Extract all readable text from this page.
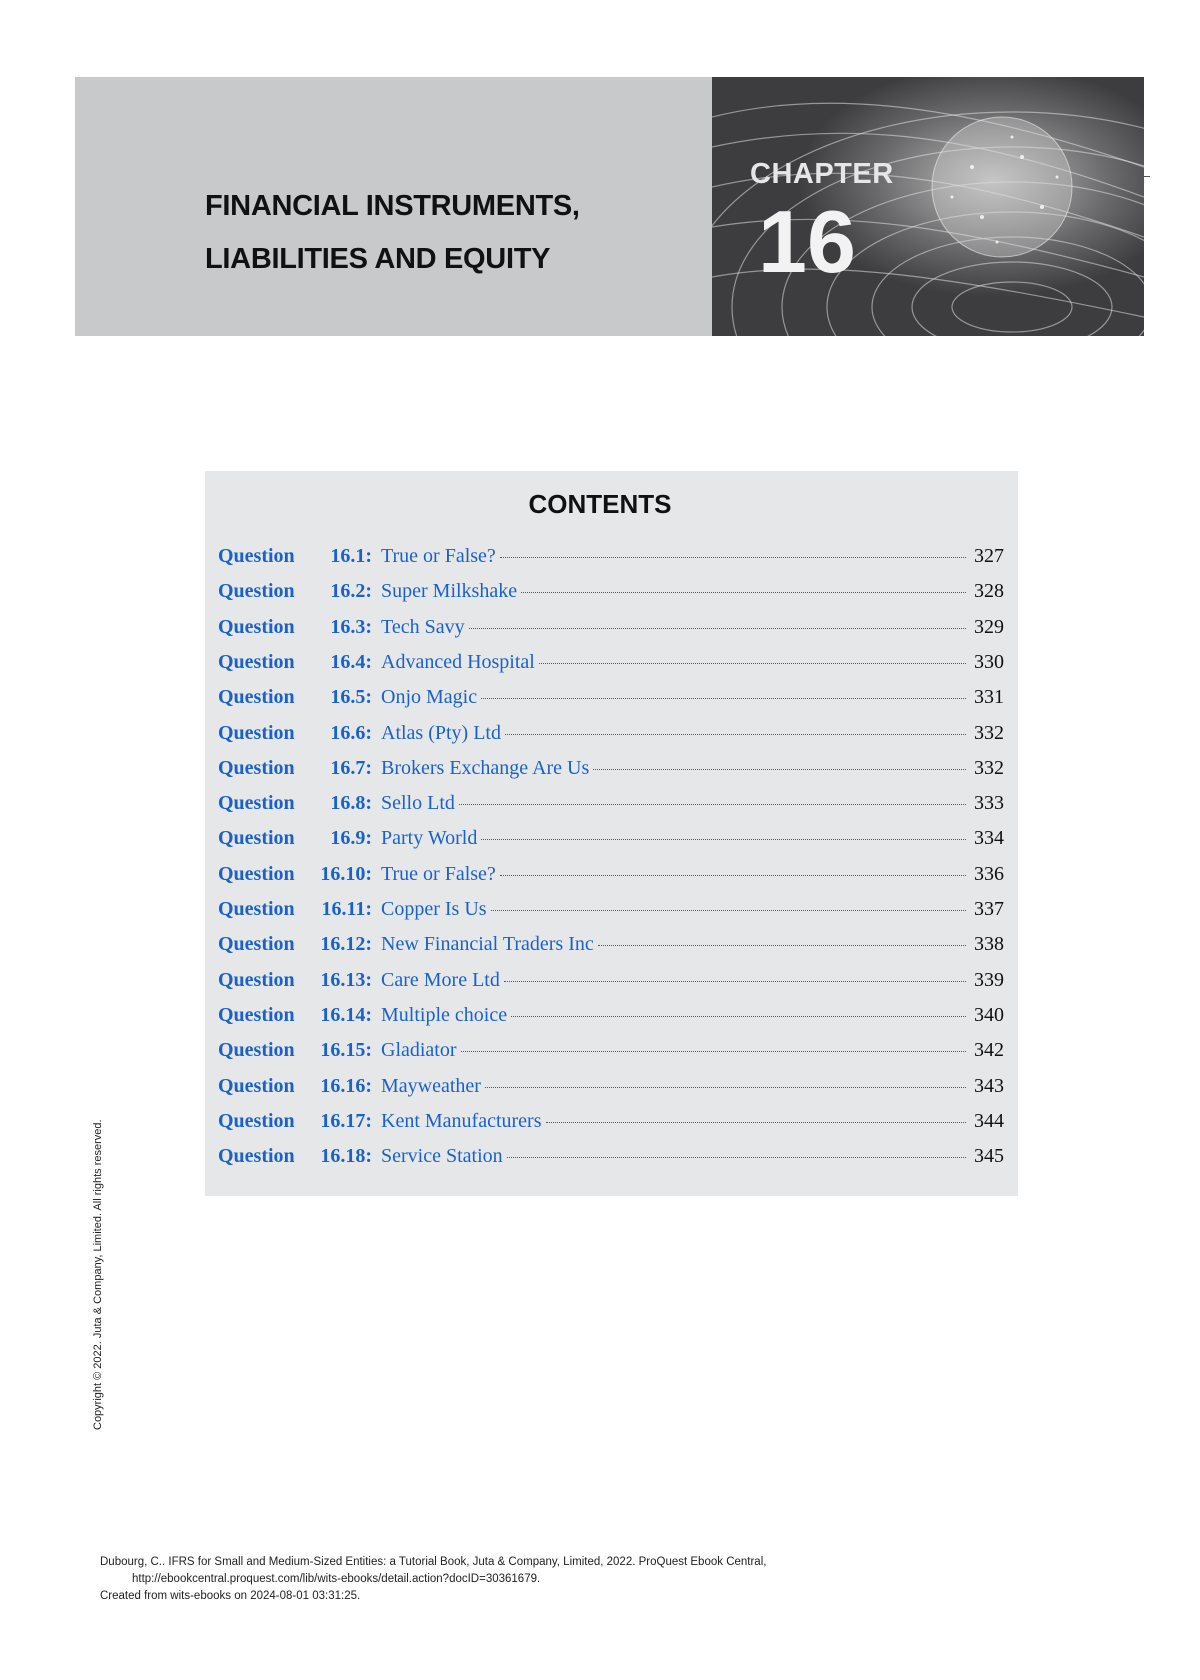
FINANCIAL INSTRUMENTS,
LIABILITIES AND EQUITY
CHAPTER
16
CONTENTS
Question	16.1: True or False?	327
Question	16.2: Super Milkshake	328
Question	16.3: Tech Savy	329
Question	16.4: Advanced Hospital	330
Question	16.5: Onjo Magic	331
Question	16.6: Atlas (Pty) Ltd	332
Question	16.7: Brokers Exchange Are Us	332
Question	16.8: Sello Ltd	333
Question	16.9: Party World	334
Question	16.10: True or False?	336
Question	16.11: Copper Is Us	337
Question	16.12: New Financial Traders Inc	338
Question	16.13: Care More Ltd	339
Question	16.14: Multiple choice	340
Question	16.15: Gladiator	342
Question	16.16: Mayweather	343
Question	16.17: Kent Manufacturers	344
Question	16.18: Service Station	345
Copyright © 2022. Juta & Company, Limited. All rights reserved.
Dubourg, C.. IFRS for Small and Medium-Sized Entities: a Tutorial Book, Juta & Company, Limited, 2022. ProQuest Ebook Central,
http://ebookcentral.proquest.com/lib/wits-ebooks/detail.action?docID=30361679.
Created from wits-ebooks on 2024-08-01 03:31:25.
